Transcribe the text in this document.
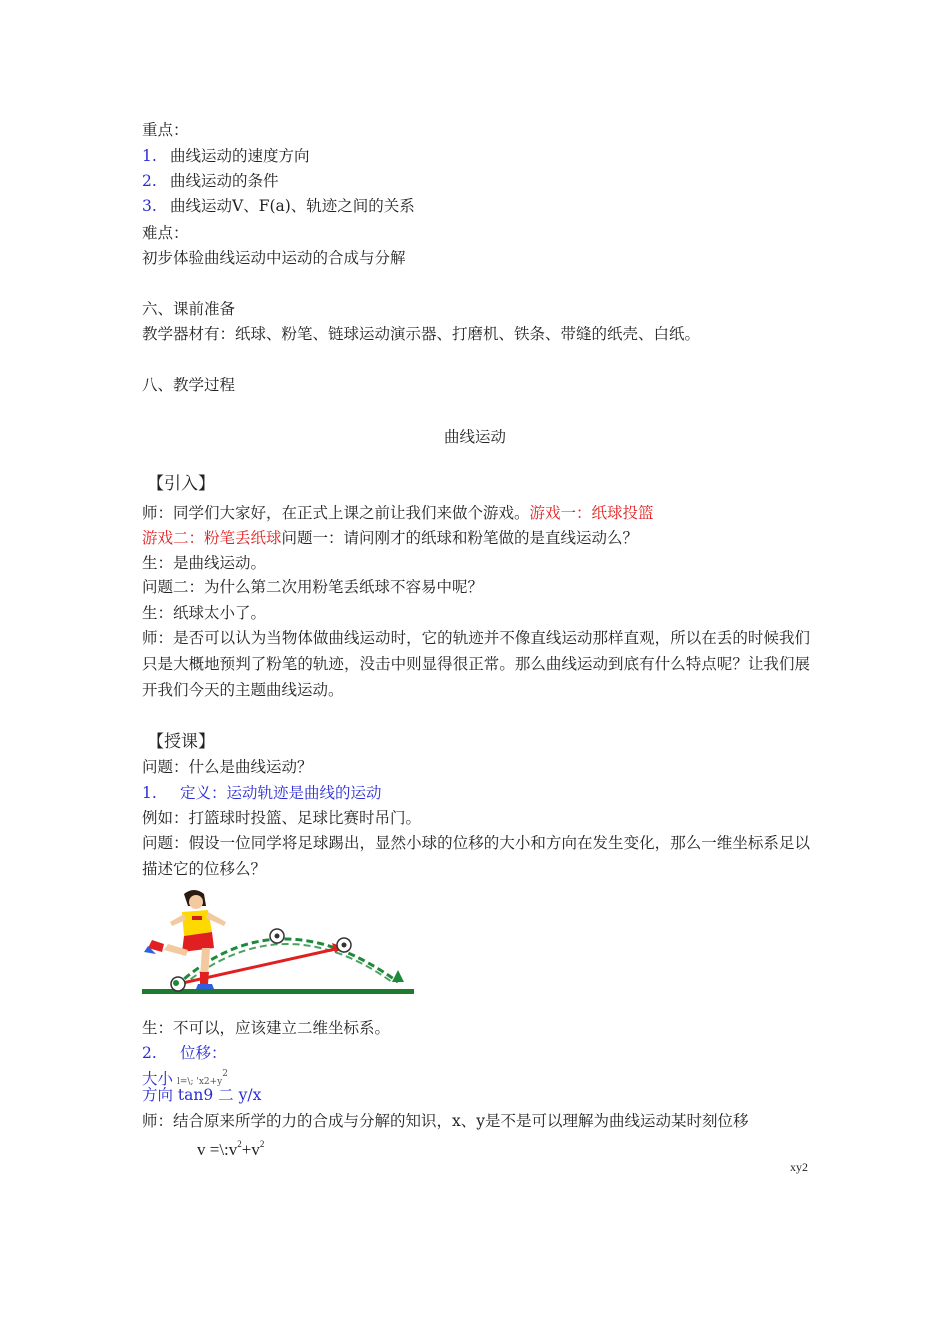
重点：
1. 曲线运动的速度方向
2. 曲线运动的条件
3. 曲线运动V、F(a)、轨迹之间的关系
难点：
初步体验曲线运动中运动的合成与分解
六、课前准备
教学器材有：纸球、粉笔、链球运动演示器、打磨机、铁条、带缝的纸壳、白纸。
八、教学过程
曲线运动
【引入】
师：同学们大家好，在正式上课之前让我们来做个游戏。游戏一：纸球投篮
游戏二：粉笔丢纸球问题一：请问刚才的纸球和粉笔做的是直线运动么？
生：是曲线运动。
问题二：为什么第二次用粉笔丢纸球不容易中呢？
生：纸球太小了。
师：是否可以认为当物体做曲线运动时，它的轨迹并不像直线运动那样直观，所以在丢的时候我们只是大概地预判了粉笔的轨迹，没击中则显得很正常。那么曲线运动到底有什么特点呢？让我们展开我们今天的主题曲线运动。
【授课】
问题：什么是曲线运动？
1. 定义：运动轨迹是曲线的运动
例如：打篮球时投篮、足球比赛时吊门。
问题：假设一位同学将足球踢出，显然小球的位移的大小和方向在发生变化，那么一维坐标系足以描述它的位移么？
生：不可以，应该建立二维坐标系。
2. 位移：
大小 l=\; '$x2+y^2$
方向 tan9 二 y/x
师：结合原来所学的力的合成与分解的知识，x、y是不是可以理解为曲线运动某时刻位移
$v =\backslash:v^2+v^2$
xy2
